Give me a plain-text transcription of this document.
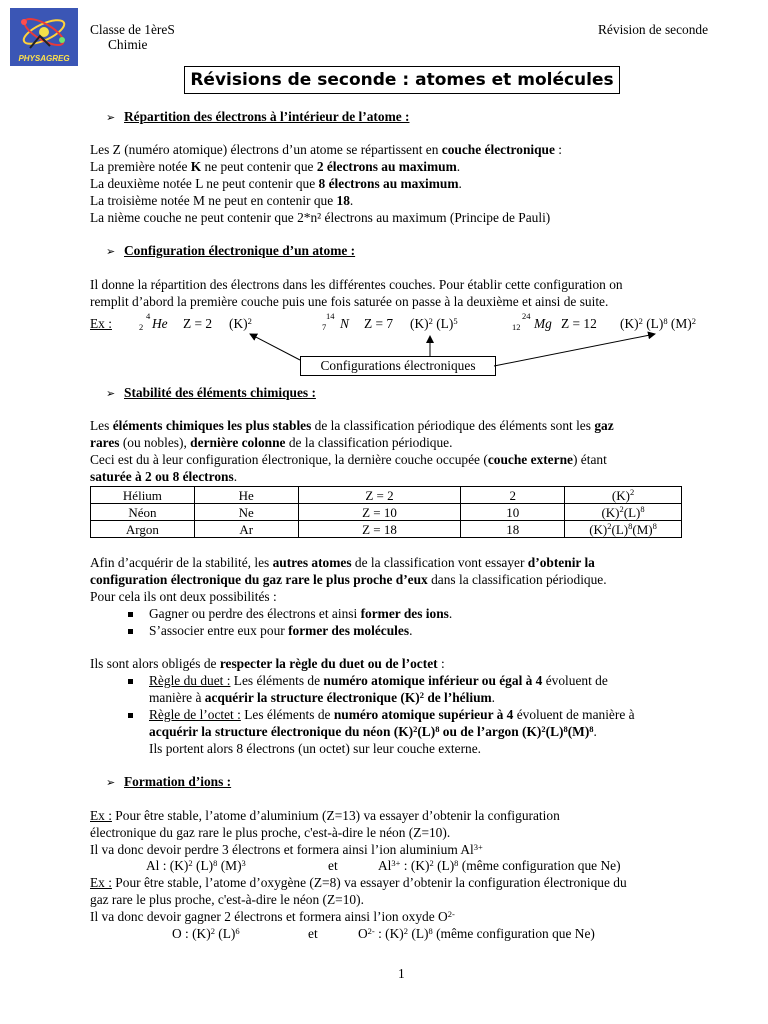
PHYSAGREG
Classe de 1èreS
Chimie
Révision de seconde
Révisions de seconde : atomes et molécules
➢ Répartition des électrons à l’intérieur de l’atome :
Les Z (numéro atomique) électrons d’un atome se répartissent en couche électronique :
La première notée K ne peut contenir que 2 électrons au maximum.
La deuxième notée L ne peut contenir que 8 électrons au maximum.
La troisième notée M ne peut en contenir que 18.
La nième couche ne peut contenir que 2*n² électrons au maximum (Principe de Pauli)
➢ Configuration électronique d’un atome :
Il donne la répartition des électrons dans les différentes couches. Pour établir cette configuration on
remplit d’abord la première couche puis une fois saturée on passe à la deuxième et ainsi de suite.
Ex :	4
2 He Z = 2 $(K)^2$	14
7 N Z = 7 $(K)^2$ $(L)^5$	24
12 Mg Z = 12 $(K)^2$ $(L)^8$ $(M)^2$
Configurations électroniques
➢ Stabilité des éléments chimiques :
Les éléments chimiques les plus stables de la classification périodique des éléments sont les gaz
rares (ou nobles), dernière colonne de la classification périodique.
Ceci est du à leur configuration électronique, la dernière couche occupée (couche externe) étant
saturée à 2 ou 8 électrons.
Hélium	He	Z = 2	2	$(K)^2$
Néon	Ne	Z = 10	10	$(K)^2(L)^8$
Argon	Ar	Z = 18	18	$(K)^2(L)^8(M)^8$
Afin d’acquérir de la stabilité, les autres atomes de la classification vont essayer d’obtenir la
configuration électronique du gaz rare le plus proche d’eux dans la classification périodique.
Pour cela ils ont deux possibilités :
Gagner ou perdre des électrons et ainsi former des ions.
S’associer entre eux pour former des molécules.
Ils sont alors obligés de respecter la règle du duet ou de l’octet :
Règle du duet : Les éléments de numéro atomique inférieur ou égal à 4 évoluent de
manière à acquérir la structure électronique $(K)^2$ de l’hélium.
Règle de l’octet : Les éléments de numéro atomique supérieur à 4 évoluent de manière à
acquérir la structure électronique du néon $(K)^2(L)^8$ ou de l’argon $(K)^2(L)^8(M)^8$.
Ils portent alors 8 électrons (un octet) sur leur couche externe.
➢ Formation d’ions :
Ex : Pour être stable, l’atome d’aluminium (Z=13) va essayer d’obtenir la configuration
électronique du gaz rare le plus proche, c'est-à-dire le néon (Z=10).
Il va donc devoir perdre 3 électrons et formera ainsi l’ion aluminium $Al^{3+}$
Al : $(K)^2$ $(L)^8$ $(M)^3$	et	$Al^{3+}$ : $(K)^2$ $(L)^8$ (même configuration que Ne)
Ex : Pour être stable, l’atome d’oxygène (Z=8) va essayer d’obtenir la configuration électronique du
gaz rare le plus proche, c'est-à-dire le néon (Z=10).
Il va donc devoir gagner 2 électrons et formera ainsi l’ion oxyde $O^{2-}$
O : $(K)^2$ $(L)^6$	et	$O^{2-}$ : $(K)^2$ $(L)^8$ (même configuration que Ne)
1
